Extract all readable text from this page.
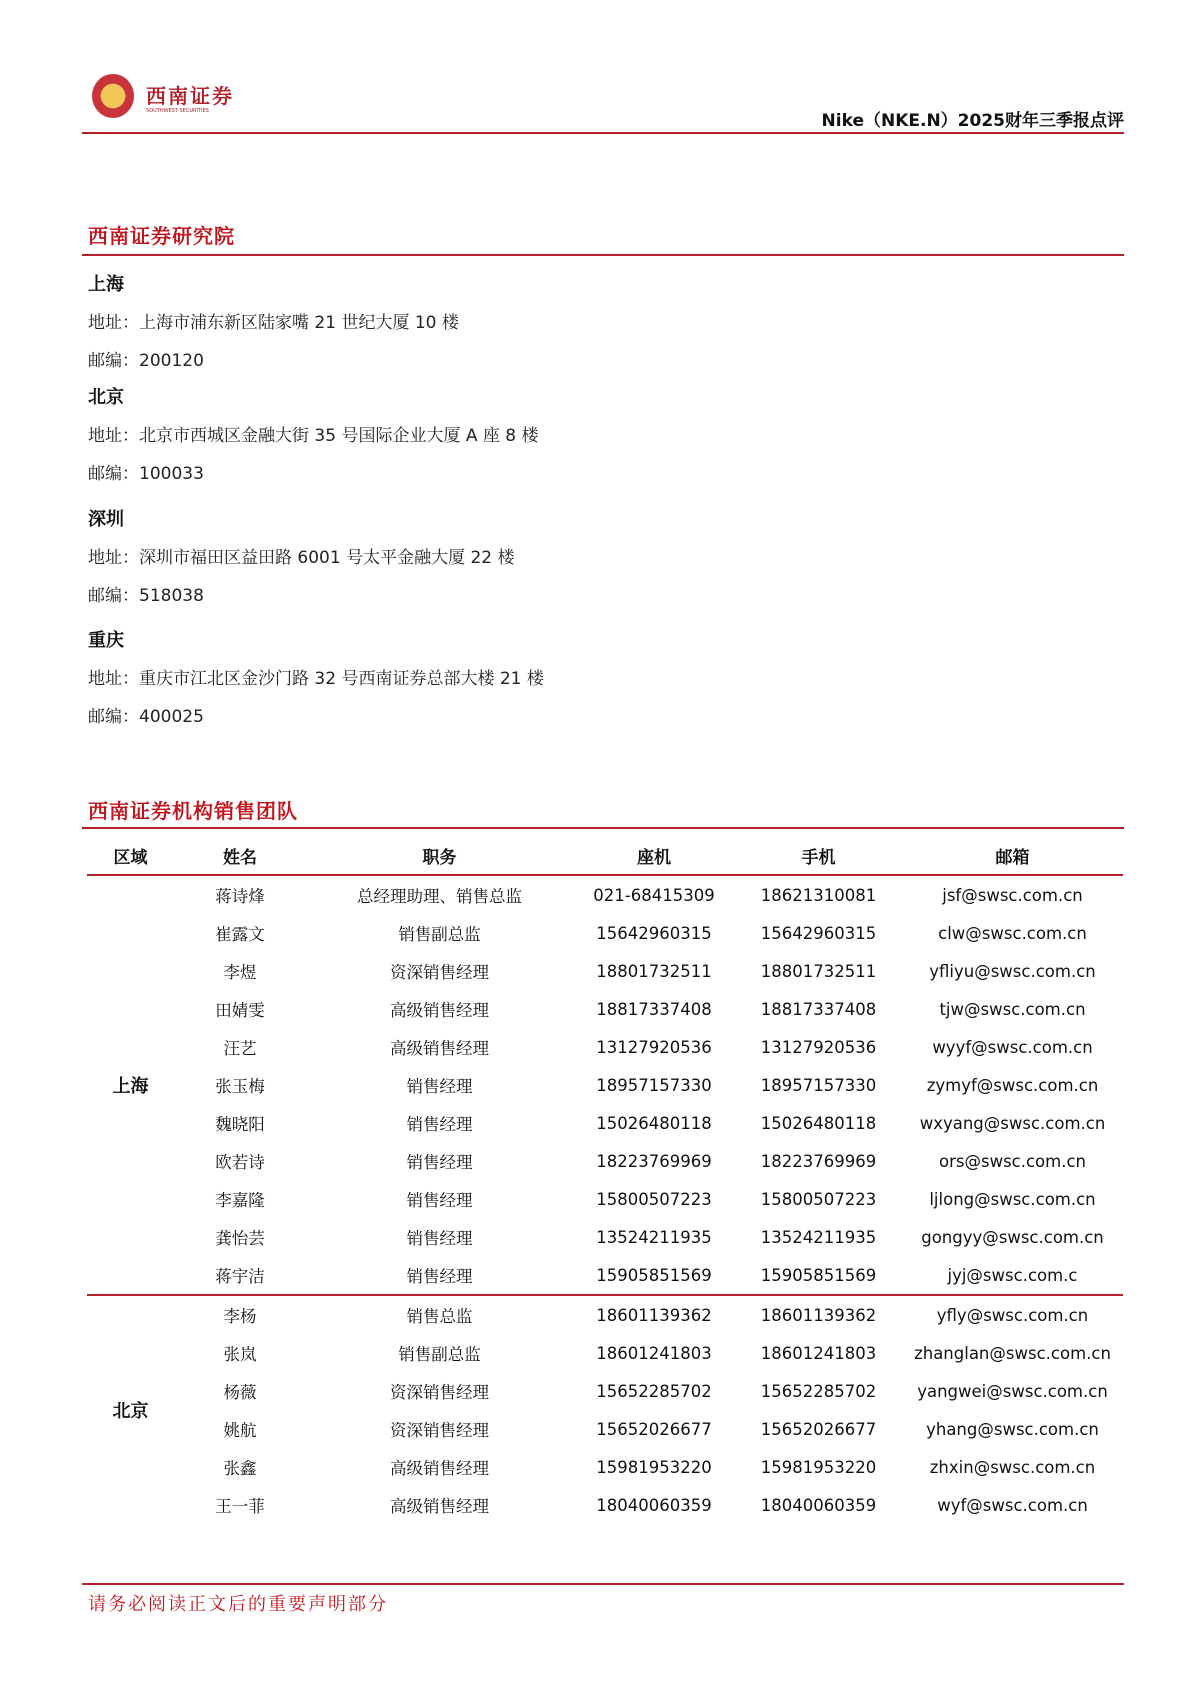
西南证券
SOUTHWEST SECURITIES	Nike（NKE.N）2025财年三季报点评
西南证券研究院
上海
地址：上海市浦东新区陆家嘴 21 世纪大厦 10 楼
邮编：200120
北京
地址：北京市西城区金融大街 35 号国际企业大厦 A 座 8 楼
邮编：100033
深圳
地址：深圳市福田区益田路 6001 号太平金融大厦 22 楼
邮编：518038
重庆
地址：重庆市江北区金沙门路 32 号西南证券总部大楼 21 楼
邮编：400025
西南证券机构销售团队
区域	姓名	职务	座机	手机	邮箱
上海	蒋诗烽	总经理助理、销售总监	021-68415309	18621310081	jsf@swsc.com.cn
	崔露文	销售副总监	15642960315	15642960315	clw@swsc.com.cn
	李煜	资深销售经理	18801732511	18801732511	yfliyu@swsc.com.cn
	田婧雯	高级销售经理	18817337408	18817337408	tjw@swsc.com.cn
	汪艺	高级销售经理	13127920536	13127920536	wyyf@swsc.com.cn
	张玉梅	销售经理	18957157330	18957157330	zymyf@swsc.com.cn
	魏晓阳	销售经理	15026480118	15026480118	wxyang@swsc.com.cn
	欧若诗	销售经理	18223769969	18223769969	ors@swsc.com.cn
	李嘉隆	销售经理	15800507223	15800507223	ljlong@swsc.com.cn
	龚怡芸	销售经理	13524211935	13524211935	gongyy@swsc.com.cn
	蒋宇洁	销售经理	15905851569	15905851569	jyj@swsc.com.c
北京	李杨	销售总监	18601139362	18601139362	yfly@swsc.com.cn
	张岚	销售副总监	18601241803	18601241803	zhanglan@swsc.com.cn
	杨薇	资深销售经理	15652285702	15652285702	yangwei@swsc.com.cn
	姚航	资深销售经理	15652026677	15652026677	yhang@swsc.com.cn
	张鑫	高级销售经理	15981953220	15981953220	zhxin@swsc.com.cn
	王一菲	高级销售经理	18040060359	18040060359	wyf@swsc.com.cn
请务必阅读正文后的重要声明部分
